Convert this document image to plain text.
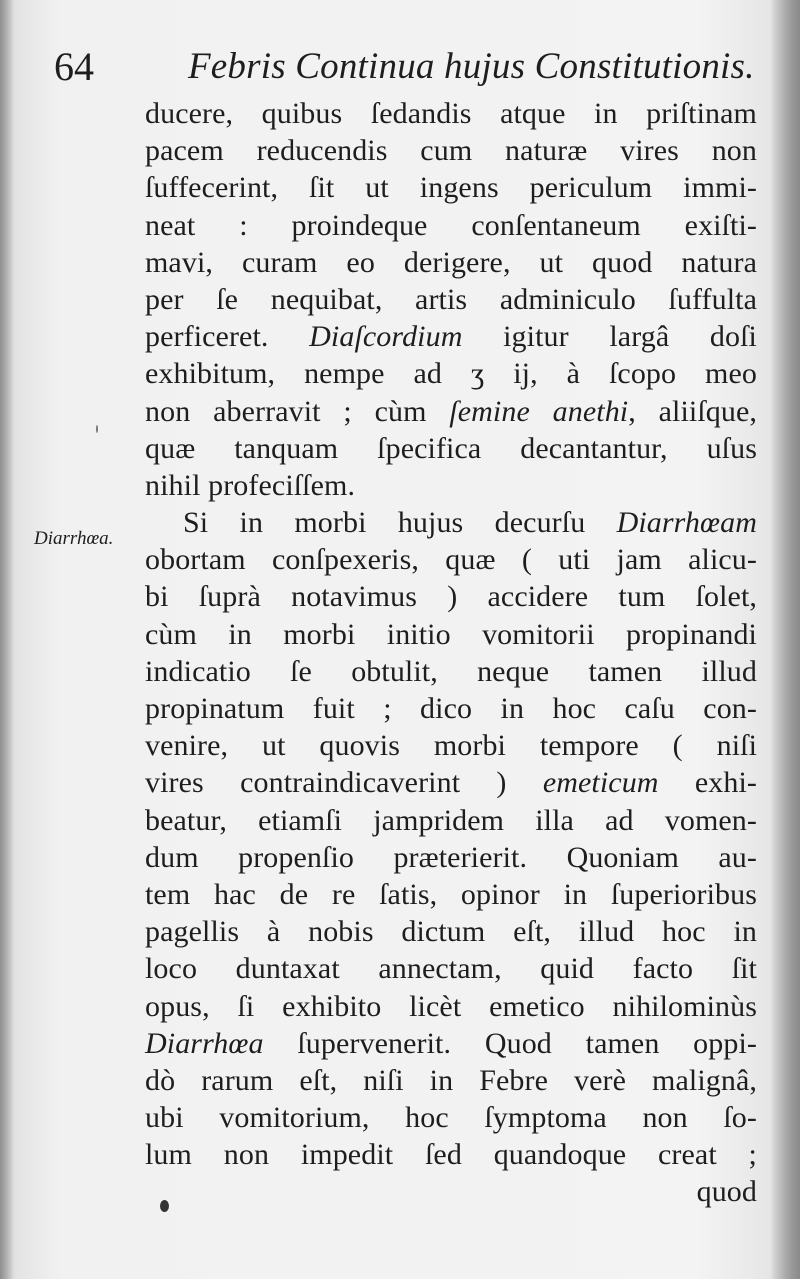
64	Febris Continua hujus Constitutionis.
Diarrhœa.
ducere, quibus ſedandis atque in priſtinam
pacem reducendis cum naturæ vires non
ſuffecerint, ſit ut ingens periculum immi-
neat : proindeque conſentaneum exiſti-
mavi, curam eo derigere, ut quod natura
per ſe nequibat, artis adminiculo ſuffulta
perficeret. Diaſcordium igitur largâ doſi
exhibitum, nempe ad ʒ ij, à ſcopo meo
non aberravit ; cùm ſemine anethi, aliiſque,
quæ tanquam ſpecifica decantantur, uſus
nihil profeciſſem.
Si in morbi hujus decurſu Diarrhœam
obortam conſpexeris, quæ ( uti jam alicu-
bi ſuprà notavimus ) accidere tum ſolet,
cùm in morbi initio vomitorii propinandi
indicatio ſe obtulit, neque tamen illud
propinatum fuit ; dico in hoc caſu con-
venire, ut quovis morbi tempore ( niſi
vires contraindicaverint ) emeticum exhi-
beatur, etiamſi jampridem illa ad vomen-
dum propenſio præterierit. Quoniam au-
tem hac de re ſatis, opinor in ſuperioribus
pagellis à nobis dictum eſt, illud hoc in
loco duntaxat annectam, quid facto ſit
opus, ſi exhibito licèt emetico nihilominùs
Diarrhœa ſupervenerit. Quod tamen oppi-
dò rarum eſt, niſi in Febre verè malignâ,
ubi vomitorium, hoc ſymptoma non ſo-
lum non impedit ſed quandoque creat ;
quod
